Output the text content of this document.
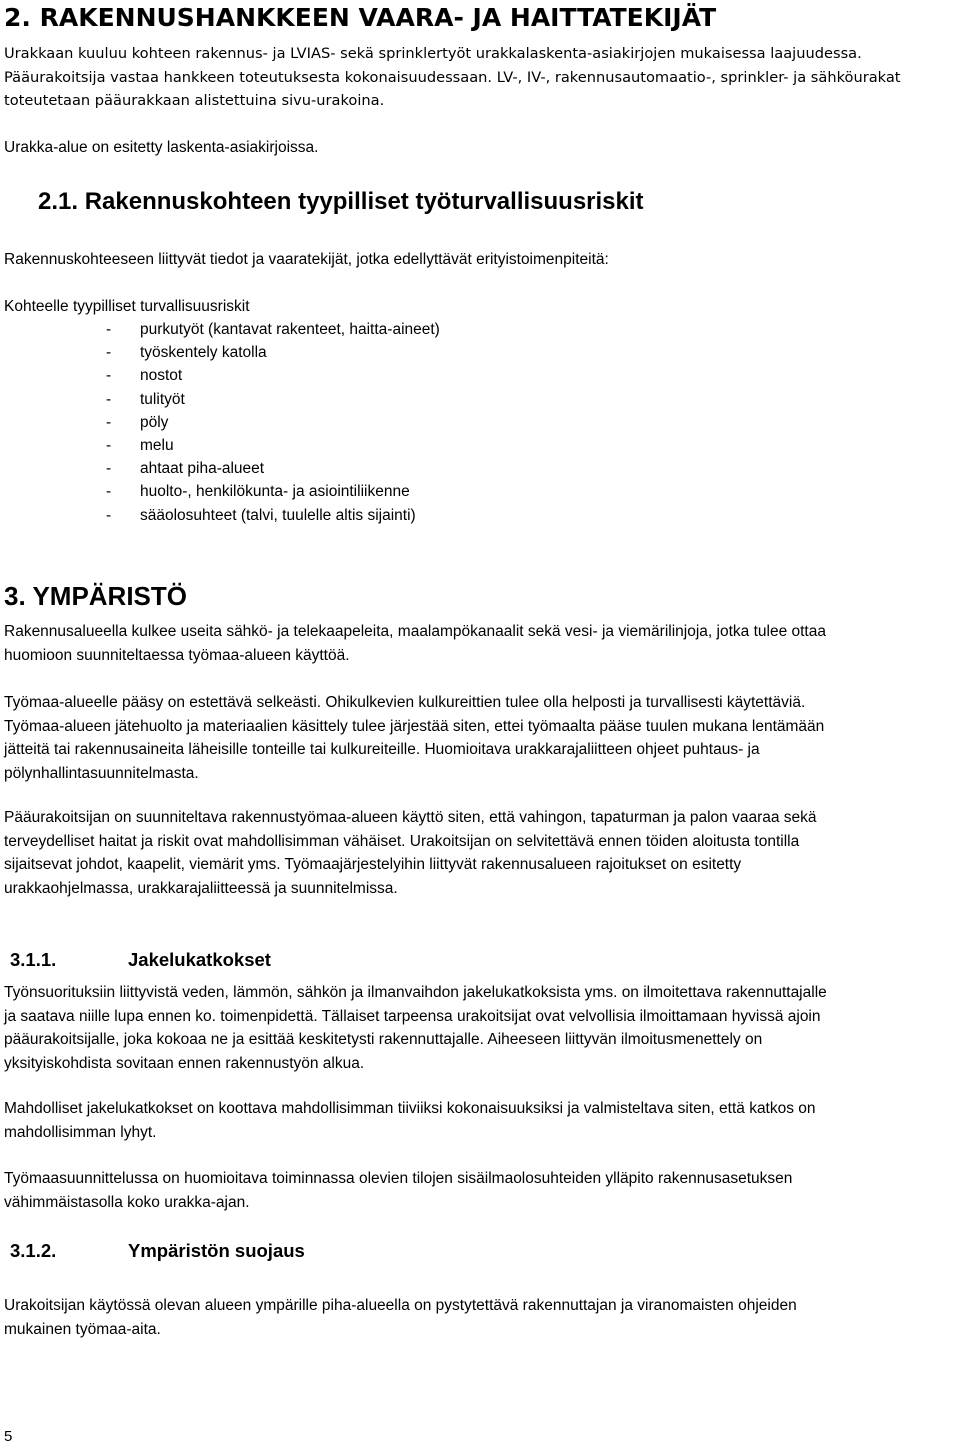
2. RAKENNUSHANKKEEN VAARA- JA HAITTATEKIJÄT

Urakkaan kuuluu kohteen rakennus- ja LVIAS- sekä sprinklertyöt urakkalaskenta-asiakirjojen mukaisessa laajuudessa.
Pääurakoitsija vastaa hankkeen toteutuksesta kokonaisuudessaan. LV-, IV-, rakennusautomaatio-, sprinkler- ja sähköurakat
toteutetaan pääurakkaan alistettuina sivu-urakoina.

Urakka-alue on esitetty laskenta-asiakirjoissa.

2.1. Rakennuskohteen tyypilliset työturvallisuusriskit

Rakennuskohteeseen liittyvät tiedot ja vaaratekijät, jotka edellyttävät erityistoimenpiteitä:

Kohteelle tyypilliset turvallisuusriskit

- purkutyöt (kantavat rakenteet, haitta-aineet)
- työskentely katolla
- nostot
- tulityöt
- pöly
- melu
- ahtaat piha-alueet
- huolto-, henkilökunta- ja asiointiliikenne
- sääolosuhteet (talvi, tuulelle altis sijainti)
3. YMPÄRISTÖ

Rakennusalueella kulkee useita sähkö- ja telekaapeleita, maalampökanaalit sekä vesi- ja viemärilinjoja, jotka tulee ottaa
huomioon suunniteltaessa työmaa-alueen käyttöä.

Työmaa-alueelle pääsy on estettävä selkeästi. Ohikulkevien kulkureittien tulee olla helposti ja turvallisesti käytettäviä.
Työmaa-alueen jätehuolto ja materiaalien käsittely tulee järjestää siten, ettei työmaalta pääse tuulen mukana lentämään
jätteitä tai rakennusaineita läheisille tonteille tai kulkureiteille. Huomioitava urakkarajaliitteen ohjeet puhtaus- ja
pölynhallintasuunnitelmasta.

Pääurakoitsijan on suunniteltava rakennustyömaa-alueen käyttö siten, että vahingon, tapaturman ja palon vaaraa sekä
terveydelliset haitat ja riskit ovat mahdollisimman vähäiset. Urakoitsijan on selvitettävä ennen töiden aloitusta tontilla
sijaitsevat johdot, kaapelit, viemärit yms. Työmaajärjestelyihin liittyvät rakennusalueen rajoitukset on esitetty
urakkaohjelmassa, urakkarajaliitteessä ja suunnitelmissa.

3.1.1.	Jakelukatkokset

Työnsuorituksiin liittyvistä veden, lämmön, sähkön ja ilmanvaihdon jakelukatkoksista yms. on ilmoitettava rakennuttajalle
ja saatava niille lupa ennen ko. toimenpidettä. Tällaiset tarpeensa urakoitsijat ovat velvollisia ilmoittamaan hyvissä ajoin
pääurakoitsijalle, joka kokoaa ne ja esittää keskitetysti rakennuttajalle. Aiheeseen liittyvän ilmoitusmenettely on
yksityiskohdista sovitaan ennen rakennustyön alkua.

Mahdolliset jakelukatkokset on koottava mahdollisimman tiiviiksi kokonaisuuksiksi ja valmisteltava siten, että katkos on
mahdollisimman lyhyt.

Työmaasuunnittelussa on huomioitava toiminnassa olevien tilojen sisäilmaolosuhteiden ylläpito rakennusasetuksen
vähimmäistasolla koko urakka-ajan.

3.1.2.	Ympäristön suojaus

Urakoitsijan käytössä olevan alueen ympärille piha-alueella on pystytettävä rakennuttajan ja viranomaisten ohjeiden
mukainen työmaa-aita.

5
